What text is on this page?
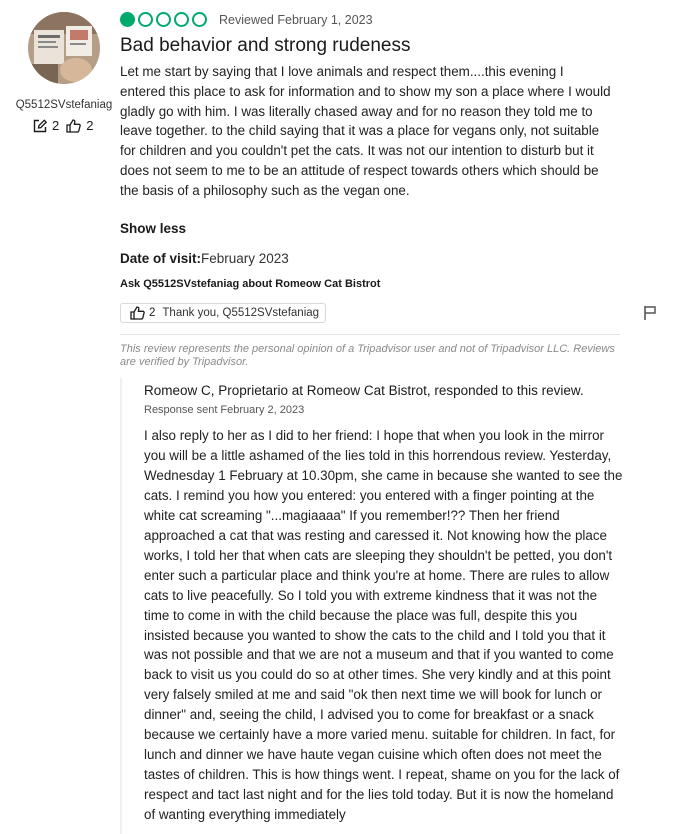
Q5512SVstefaniag
2 2
Reviewed February 1, 2023
Bad behavior and strong rudeness
Let me start by saying that I love animals and respect them....this evening I entered this place to ask for information and to show my son a place where I would gladly go with him. I was literally chased away and for no reason they told me to leave together. to the child saying that it was a place for vegans only, not suitable for children and you couldn't pet the cats. It was not our intention to disturb but it does not seem to me to be an attitude of respect towards others which should be the basis of a philosophy such as the vegan one.
Show less
Date of visit:February 2023
Ask Q5512SVstefaniag about Romeow Cat Bistrot
2 Thank you, Q5512SVstefaniag
This review represents the personal opinion of a Tripadvisor user and not of Tripadvisor LLC. Reviews are verified by Tripadvisor.
Romeow C, Proprietario at Romeow Cat Bistrot, responded to this review.
Response sent February 2, 2023
I also reply to her as I did to her friend: I hope that when you look in the mirror you will be a little ashamed of the lies told in this horrendous review. Yesterday, Wednesday 1 February at 10.30pm, she came in because she wanted to see the cats. I remind you how you entered: you entered with a finger pointing at the white cat screaming "...magiaaaa" If you remember!?? Then her friend approached a cat that was resting and caressed it. Not knowing how the place works, I told her that when cats are sleeping they shouldn't be petted, you don't enter such a particular place and think you're at home. There are rules to allow cats to live peacefully. So I told you with extreme kindness that it was not the time to come in with the child because the place was full, despite this you insisted because you wanted to show the cats to the child and I told you that it was not possible and that we are not a museum and that if you wanted to come back to visit us you could do so at other times. She very kindly and at this point very falsely smiled at me and said "ok then next time we will book for lunch or dinner" and, seeing the child, I advised you to come for breakfast or a snack because we certainly have a more varied menu. suitable for children. In fact, for lunch and dinner we have haute vegan cuisine which often does not meet the tastes of children. This is how things went. I repeat, shame on you for the lack of respect and tact last night and for the lies told today. But it is now the homeland of wanting everything immediately
